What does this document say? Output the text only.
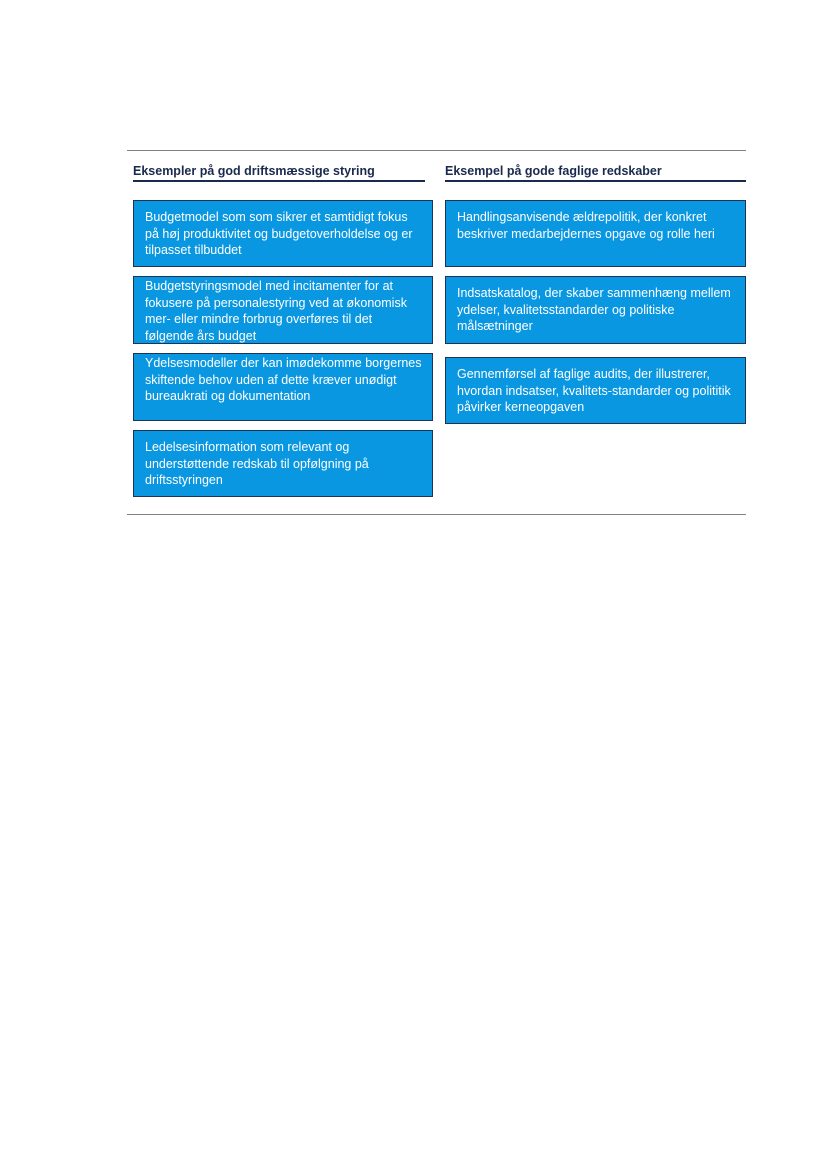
Eksempler på god driftsmæssige styring	Eksempel på gode faglige redskaber
Budgetmodel som som sikrer et samtidigt fokus på høj produktivitet og budgetoverholdelse og er tilpasset tilbuddet
Budgetstyringsmodel med incitamenter for at fokusere på personalestyring ved at økonomisk mer- eller mindre forbrug overføres til det følgende års budget
Ydelsesmodeller der kan imødekomme borgernes skiftende behov uden af dette kræver unødigt bureaukrati og dokumentation
Ledelsesinformation som relevant og understøttende redskab til opfølgning på driftsstyringen
Handlingsanvisende ældrepolitik, der konkret beskriver medarbejdernes opgave og rolle heri
Indsatskatalog, der skaber sammenhæng mellem ydelser, kvalitetsstandarder og politiske målsætninger
Gennemførsel af faglige audits, der illustrerer, hvordan indsatser, kvalitets-standarder og polititik påvirker kerneopgaven
